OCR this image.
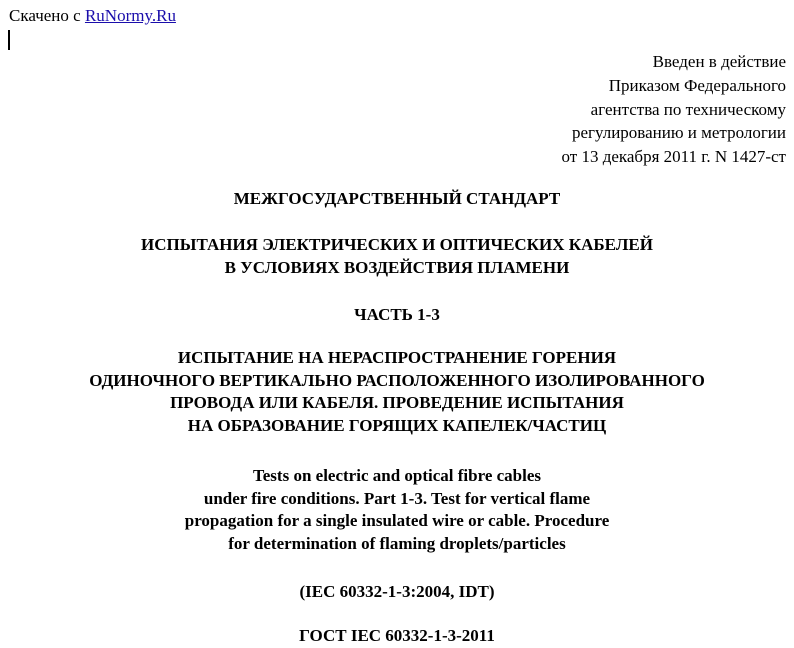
Скачено с RuNormy.Ru
Введен в действие
Приказом Федерального
агентства по техническому
регулированию и метрологии
от 13 декабря 2011 г. N 1427-ст
МЕЖГОСУДАРСТВЕННЫЙ СТАНДАРТ
ИСПЫТАНИЯ ЭЛЕКТРИЧЕСКИХ И ОПТИЧЕСКИХ КАБЕЛЕЙ
В УСЛОВИЯХ ВОЗДЕЙСТВИЯ ПЛАМЕНИ
ЧАСТЬ 1-3
ИСПЫТАНИЕ НА НЕРАСПРОСТРАНЕНИЕ ГОРЕНИЯ
ОДИНОЧНОГО ВЕРТИКАЛЬНО РАСПОЛОЖЕННОГО ИЗОЛИРОВАННОГО
ПРОВОДА ИЛИ КАБЕЛЯ. ПРОВЕДЕНИЕ ИСПЫТАНИЯ
НА ОБРАЗОВАНИЕ ГОРЯЩИХ КАПЕЛЕК/ЧАСТИЦ
Tests on electric and optical fibre cables
under fire conditions. Part 1-3. Test for vertical flame
propagation for a single insulated wire or cable. Procedure
for determination of flaming droplets/particles
(IEC 60332-1-3:2004, IDT)
ГОСТ IEC 60332-1-3-2011
